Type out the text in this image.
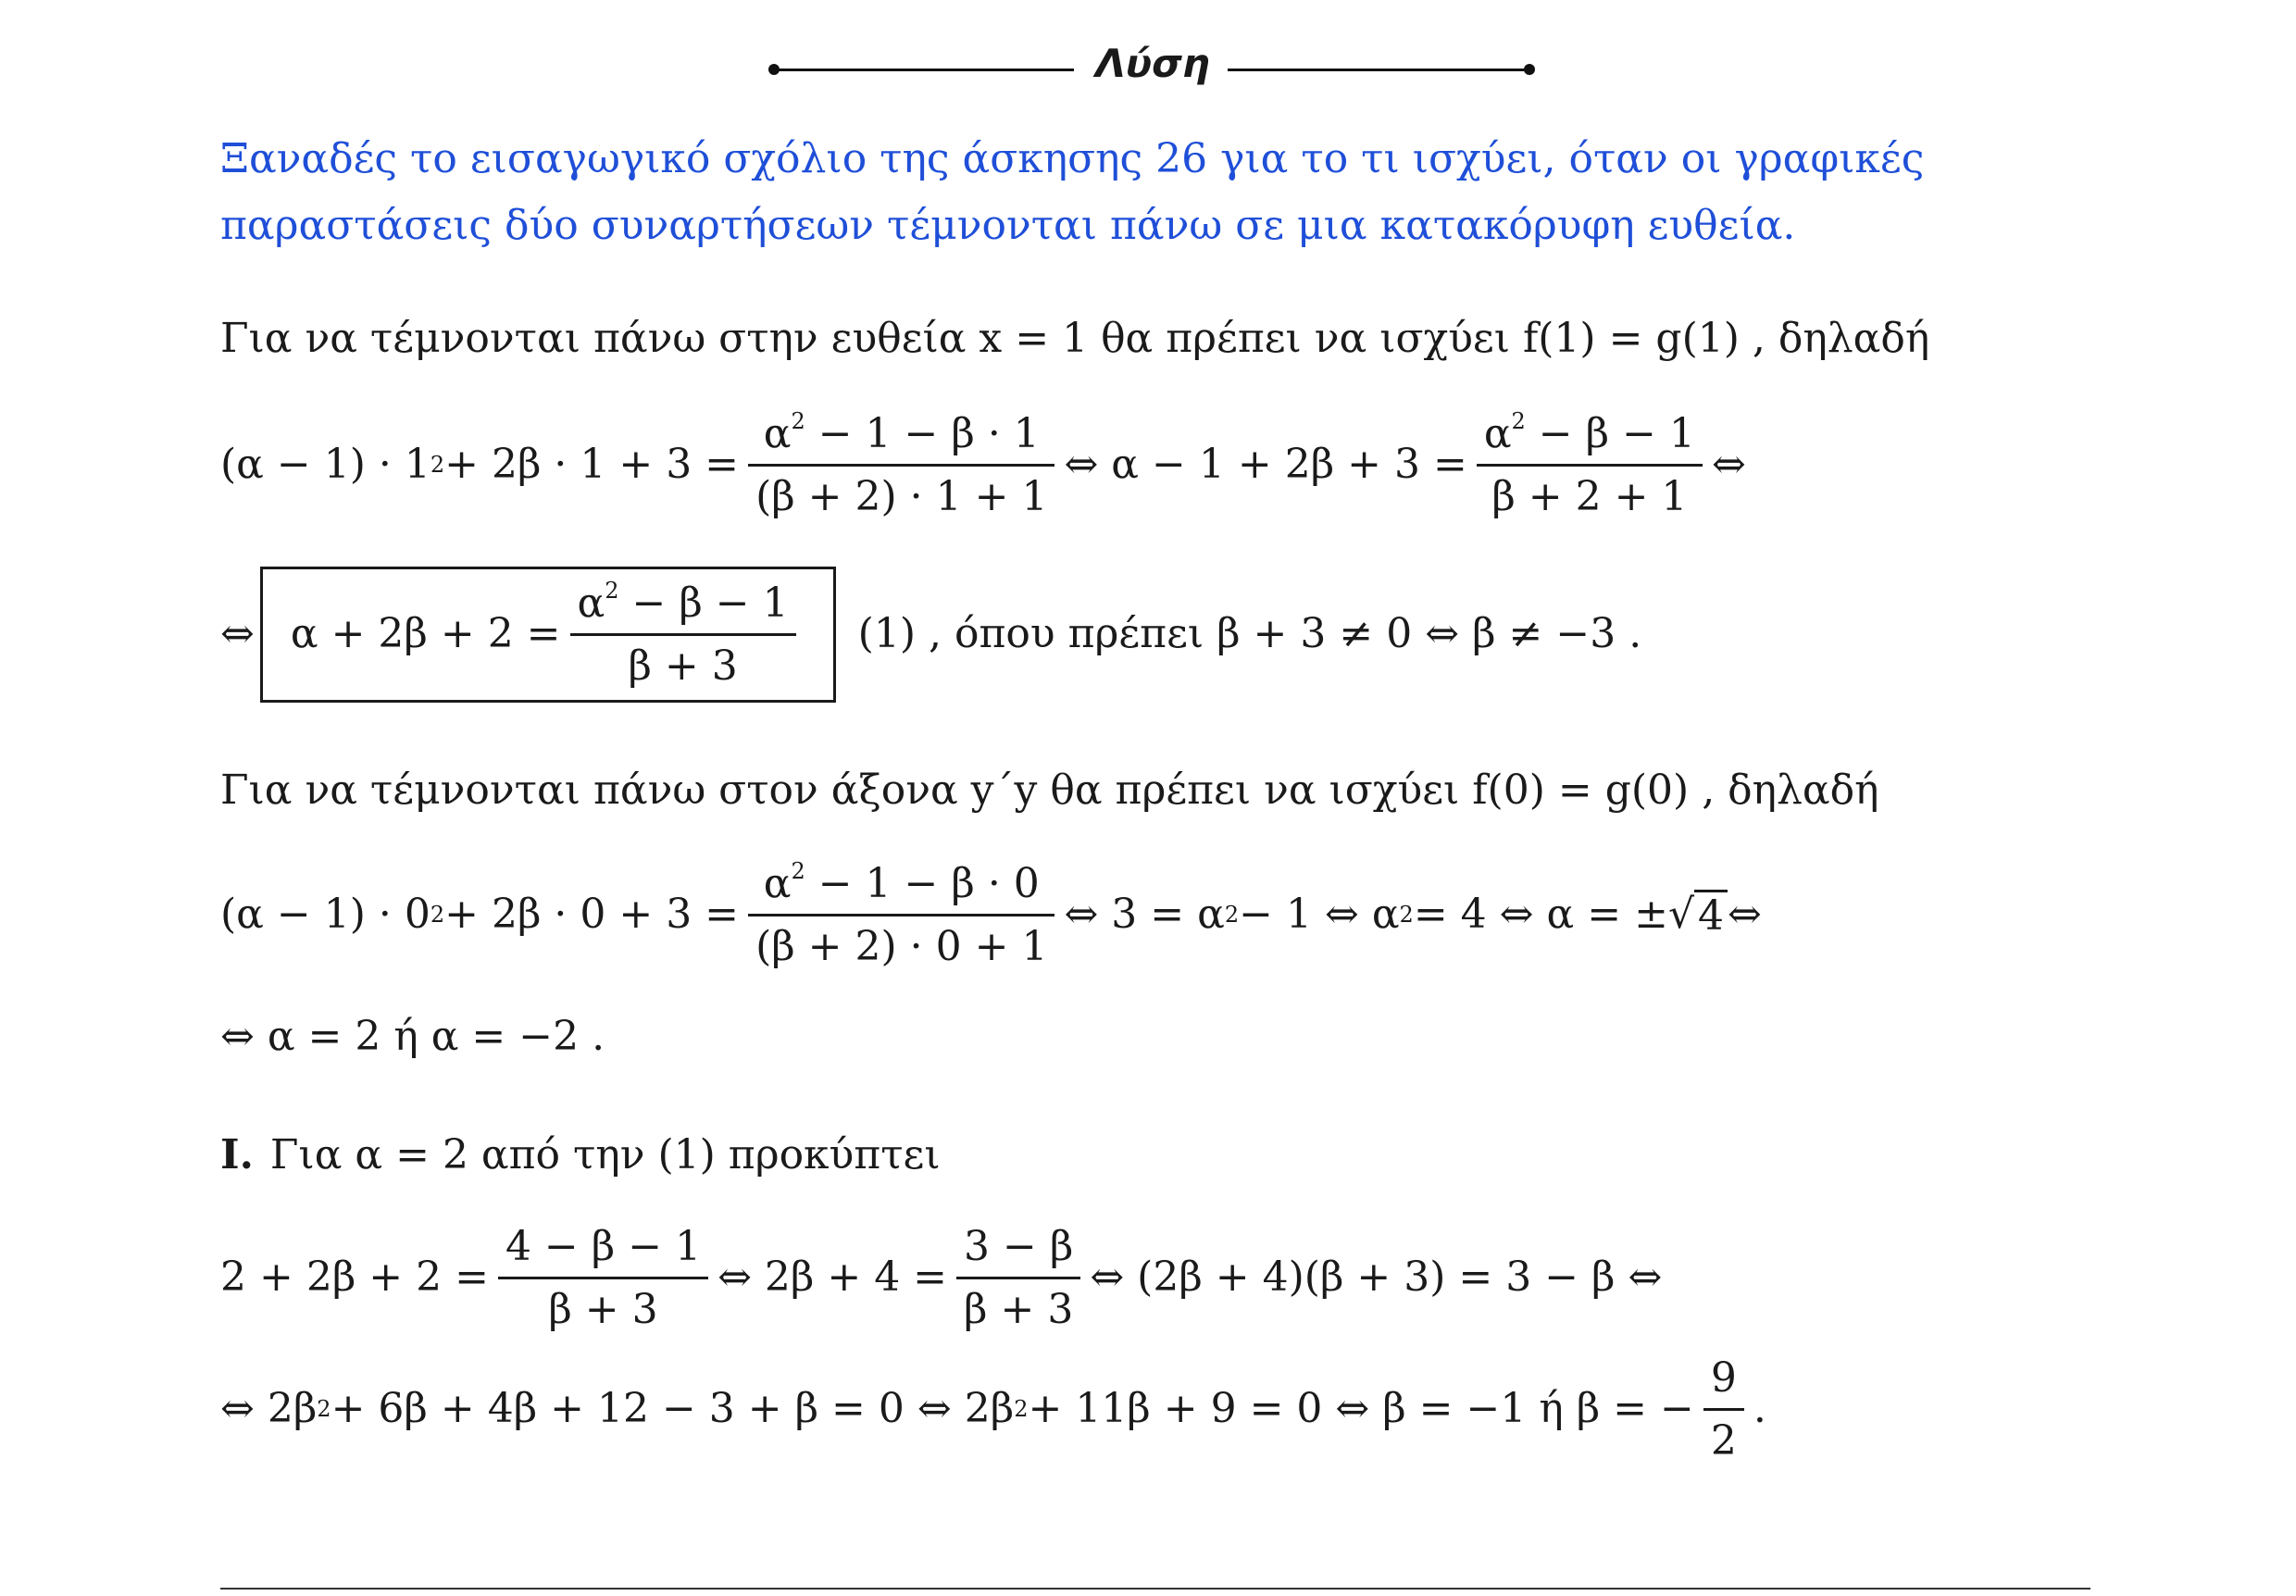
Λύση
Ξαναδές το εισαγωγικό σχόλιο της άσκησης 26 για το τι ισχύει, όταν οι γραφικές
παραστάσεις δύο συναρτήσεων τέμνονται πάνω σε μια κατακόρυφη ευθεία.
Για να τέμνονται πάνω στην ευθεία x = 1 θα πρέπει να ισχύει f(1) = g(1) , δηλαδή
(α − 1) · 1 $2 + 2\beta \cdot 1 + 3 = \frac{\alpha^2 - 1 - \beta \cdot 1}{(\beta + 2) \cdot 1 + 1}$ ⇔ $\alpha - 1 + 2\beta + 3 = \frac{\alpha^2 - \beta - 1}{\beta + 2 + 1}$ ⇔
⇔ $\alpha + 2\beta + 2 = \frac{\alpha^2 - \beta - 1}{\beta + 3} (1)$ , όπου πρέπει β + 3 ≠ 0 ⇔ β ≠ −3 .
Για να τέμνονται πάνω στον άξονα y΄y θα πρέπει να ισχύει f(0) = g(0) , δηλαδή
(α − 1) · 0 $2 + 2\beta \cdot 0 + 3 = \frac{\alpha^2 - 1 - \beta \cdot 0}{(\beta + 2) \cdot 0 + 1}$ ⇔ 3 = α 2 − 1 ⇔ α 2 = 4 ⇔ α = ± √ 4 ⇔
⇔ α = 2 ή α = −2 .
Ι. Για α = 2 από την (1) προκύπτει
$2 + 2\beta + 2 = \frac{4 - \beta - 1}{\beta + 3}$ ⇔ $2\beta + 4 = \frac{3 - \beta}{\beta + 3}$ ⇔ (2β + 4)(β + 3) = 3 − β ⇔
⇔ 2β 2 + 6β + 4β + 12 − 3 + β = 0 ⇔ 2β 2 + 11β + 9 = 0 ⇔ β = −1 ή β = − $\frac{9}{2}$ .
